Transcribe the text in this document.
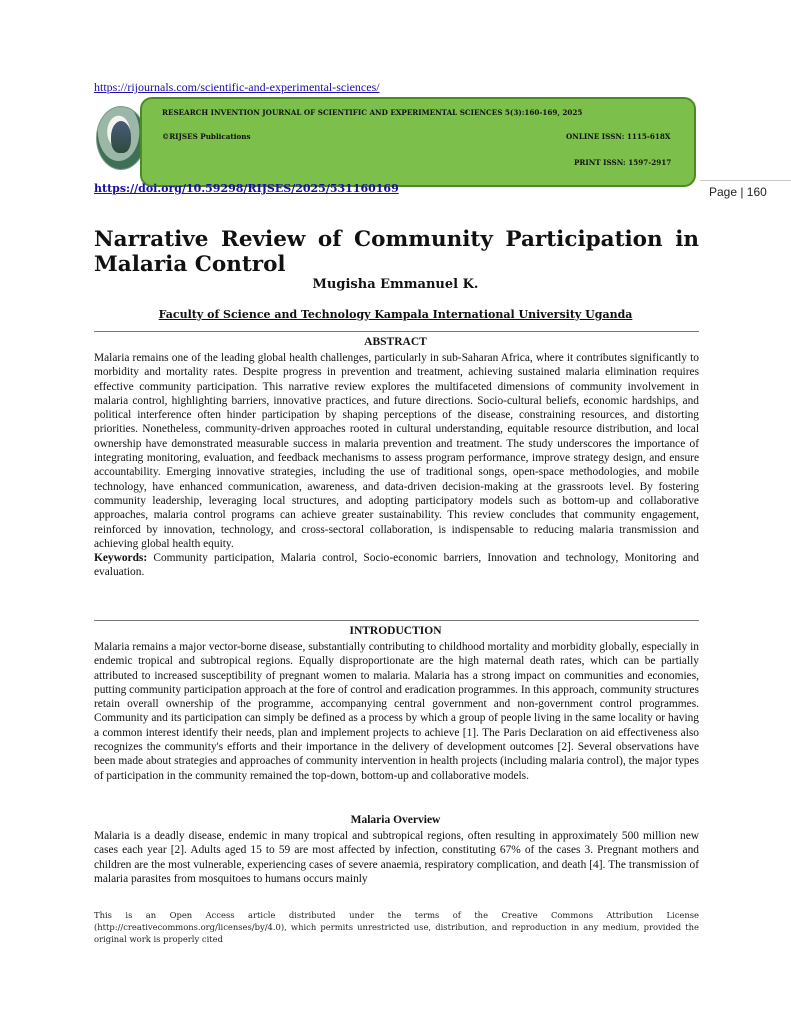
https://rijournals.com/scientific-and-experimental-sciences/
RESEARCH INVENTION JOURNAL OF SCIENTIFIC AND EXPERIMENTAL SCIENCES 5(3):160-169, 2025
©RIJSES Publications	ONLINE ISSN: 1115-618X
PRINT ISSN: 1597-2917
https://doi.org/10.59298/RIJSES/2025/531160169	Page | 160
Narrative Review of Community Participation in Malaria Control
Mugisha Emmanuel K.
Faculty of Science and Technology Kampala International University Uganda
ABSTRACT
Malaria remains one of the leading global health challenges, particularly in sub-Saharan Africa, where it contributes significantly to morbidity and mortality rates. Despite progress in prevention and treatment, achieving sustained malaria elimination requires effective community participation. This narrative review explores the multifaceted dimensions of community involvement in malaria control, highlighting barriers, innovative practices, and future directions. Socio-cultural beliefs, economic hardships, and political interference often hinder participation by shaping perceptions of the disease, constraining resources, and distorting priorities. Nonetheless, community-driven approaches rooted in cultural understanding, equitable resource distribution, and local ownership have demonstrated measurable success in malaria prevention and treatment. The study underscores the importance of integrating monitoring, evaluation, and feedback mechanisms to assess program performance, improve strategy design, and ensure accountability. Emerging innovative strategies, including the use of traditional songs, open-space methodologies, and mobile technology, have enhanced communication, awareness, and data-driven decision-making at the grassroots level. By fostering community leadership, leveraging local structures, and adopting participatory models such as bottom-up and collaborative approaches, malaria control programs can achieve greater sustainability. This review concludes that community engagement, reinforced by innovation, technology, and cross-sectoral collaboration, is indispensable to reducing malaria transmission and achieving global health equity.
Keywords: Community participation, Malaria control, Socio-economic barriers, Innovation and technology, Monitoring and evaluation.
INTRODUCTION
Malaria remains a major vector-borne disease, substantially contributing to childhood mortality and morbidity globally, especially in endemic tropical and subtropical regions. Equally disproportionate are the high maternal death rates, which can be partially attributed to increased susceptibility of pregnant women to malaria. Malaria has a strong impact on communities and economies, putting community participation approach at the fore of control and eradication programmes. In this approach, community structures retain overall ownership of the programme, accompanying central government and non-government control programmes. Community and its participation can simply be defined as a process by which a group of people living in the same locality or having a common interest identify their needs, plan and implement projects to achieve [1]. The Paris Declaration on aid effectiveness also recognizes the community's efforts and their importance in the delivery of development outcomes [2]. Several observations have been made about strategies and approaches of community intervention in health projects (including malaria control), the major types of participation in the community remained the top-down, bottom-up and collaborative models.
Malaria Overview
Malaria is a deadly disease, endemic in many tropical and subtropical regions, often resulting in approximately 500 million new cases each year [2]. Adults aged 15 to 59 are most affected by infection, constituting 67% of the cases 3. Pregnant mothers and children are the most vulnerable, experiencing cases of severe anaemia, respiratory complication, and death [4]. The transmission of malaria parasites from mosquitoes to humans occurs mainly
This is an Open Access article distributed under the terms of the Creative Commons Attribution License (http://creativecommons.org/licenses/by/4.0), which permits unrestricted use, distribution, and reproduction in any medium, provided the original work is properly cited
